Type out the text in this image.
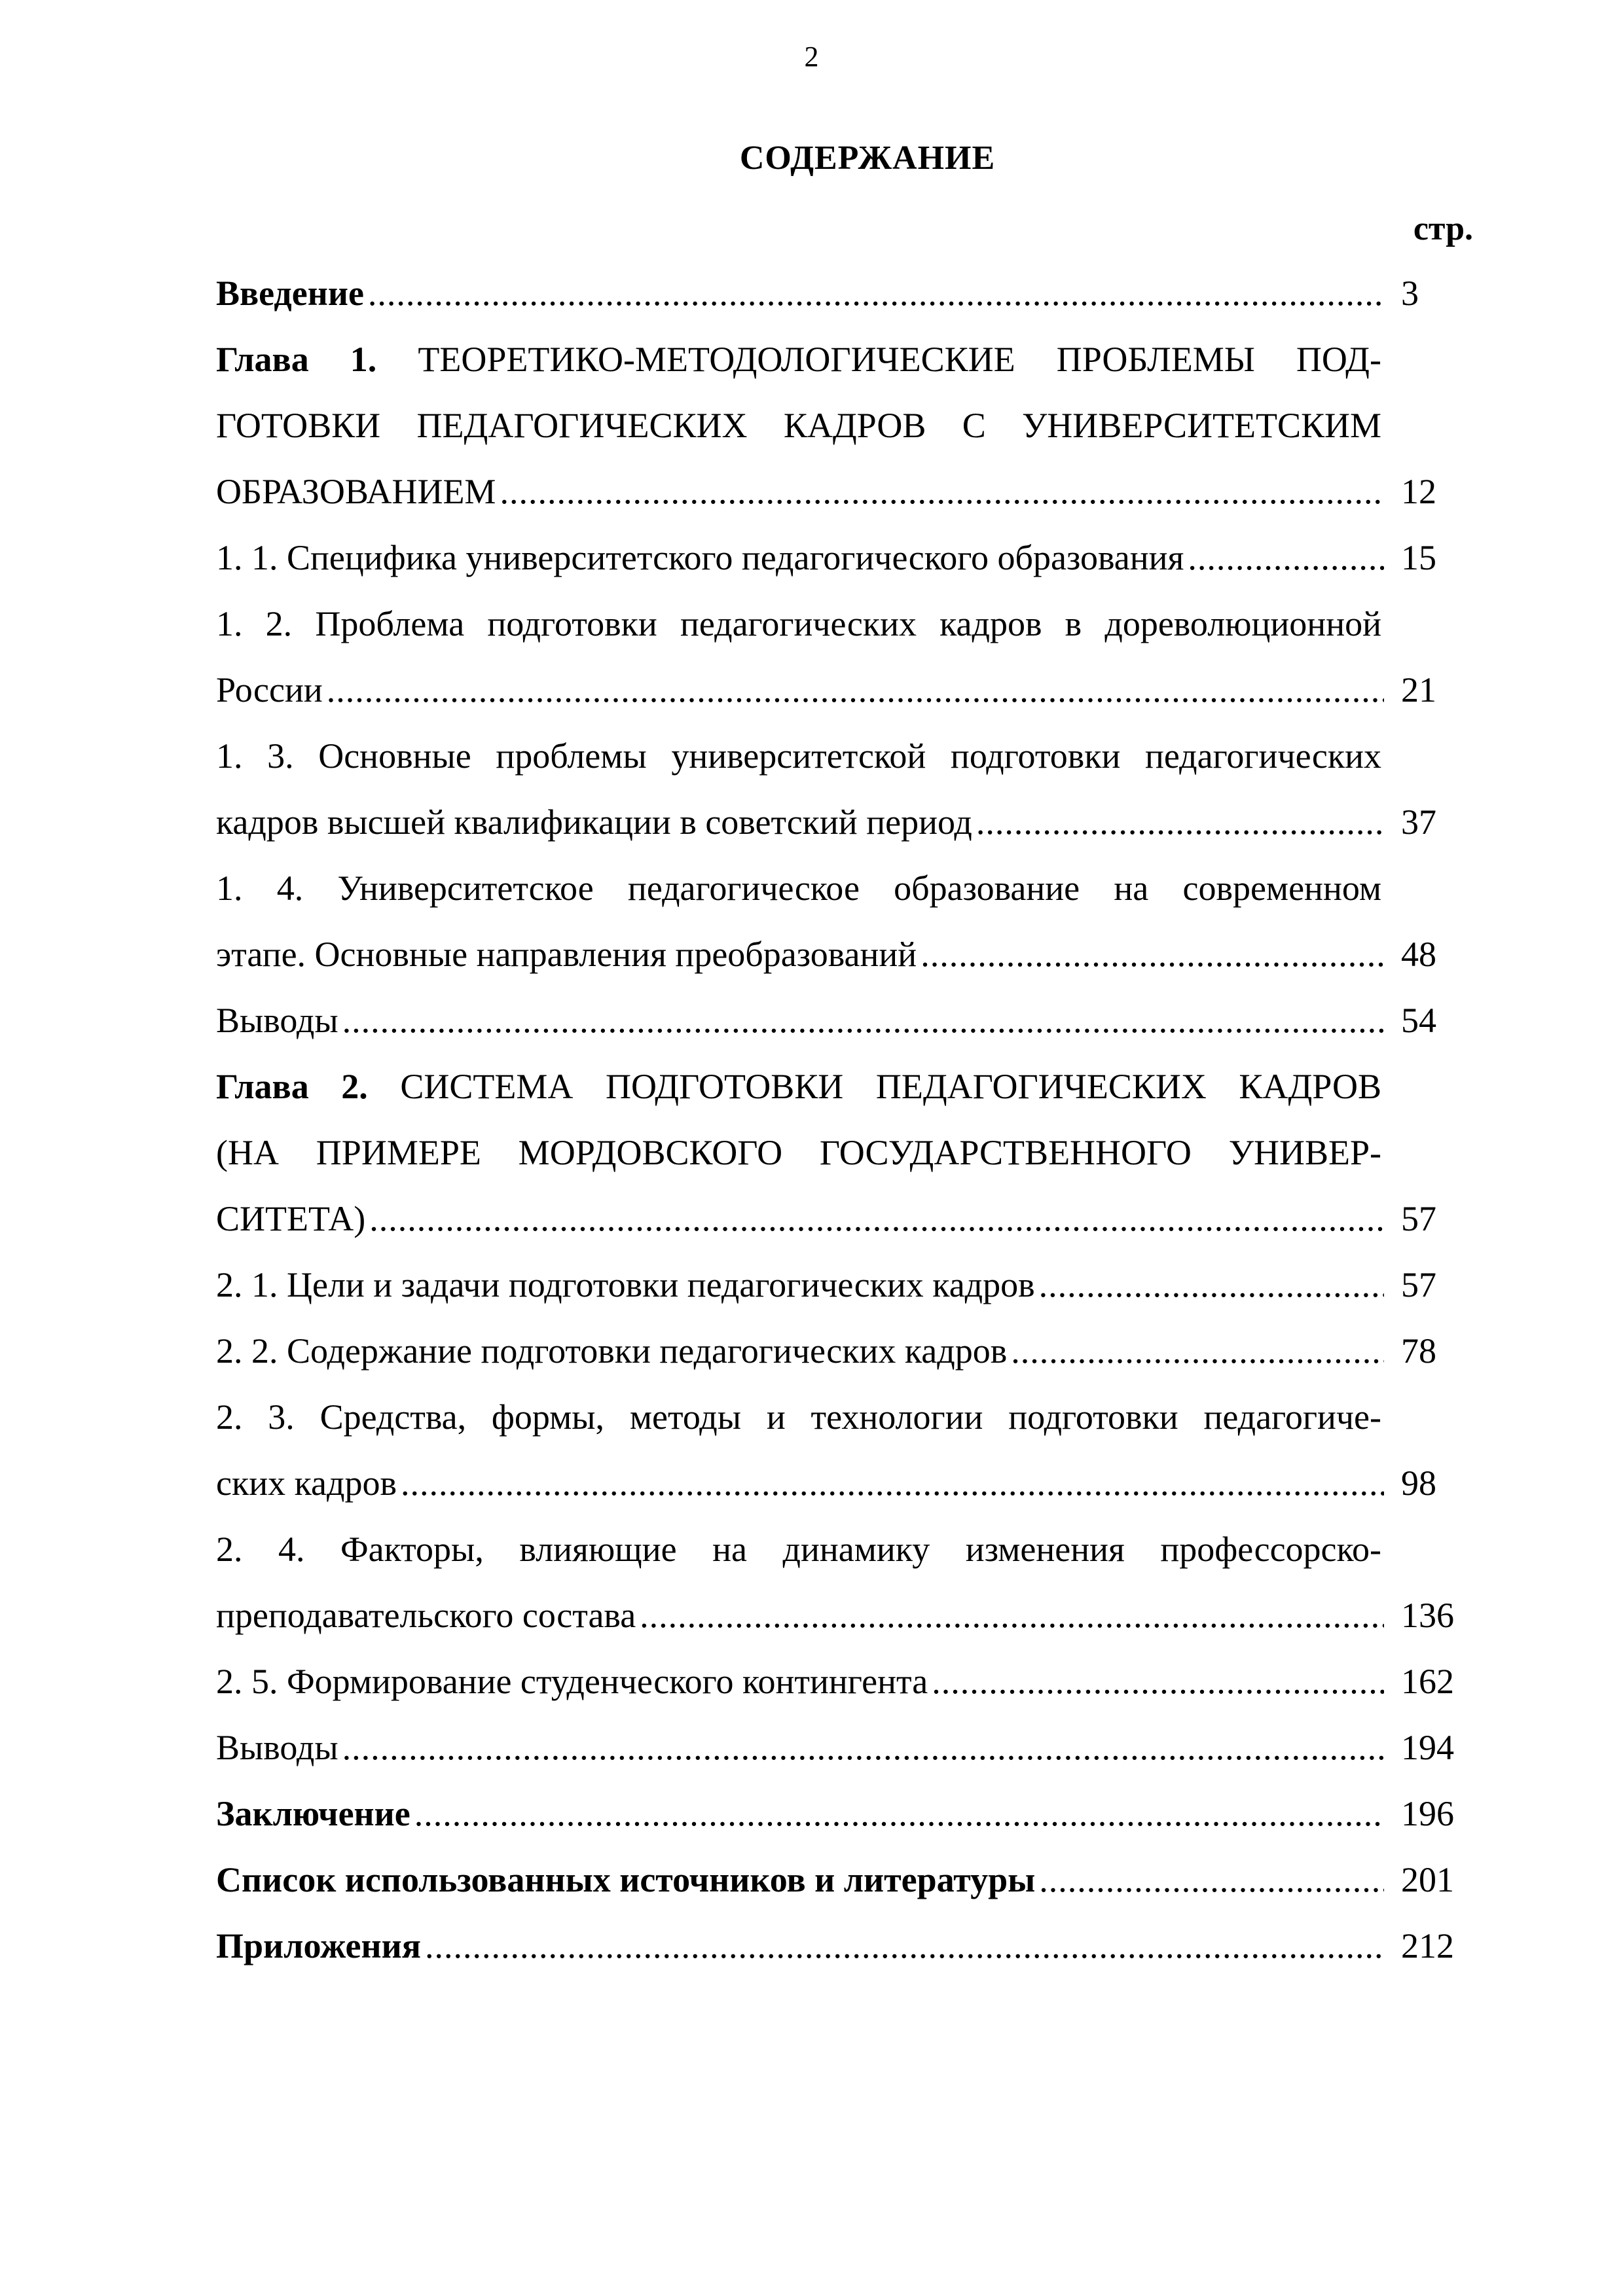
2
СОДЕРЖАНИЕ
стр.
Введение .....	3
Глава 1. ТЕОРЕТИКО-МЕТОДОЛОГИЧЕСКИЕ ПРОБЛЕМЫ ПОД-
ГОТОВКИ ПЕДАГОГИЧЕСКИХ КАДРОВ С УНИВЕРСИТЕТСКИМ
ОБРАЗОВАНИЕМ .....	12
1. 1. Специфика университетского педагогического образования .....	15
1. 2. Проблема подготовки педагогических кадров в дореволюционной
России .....	21
1. 3. Основные проблемы университетской подготовки педагогических
кадров высшей квалификации в советский период .....	37
1. 4. Университетское педагогическое образование на современном
этапе. Основные направления преобразований .....	48
Выводы .....	54
Глава 2. СИСТЕМА ПОДГОТОВКИ ПЕДАГОГИЧЕСКИХ КАДРОВ
(НА ПРИМЕРЕ МОРДОВСКОГО ГОСУДАРСТВЕННОГО УНИВЕР-
СИТЕТА) .....	57
2. 1. Цели и задачи подготовки педагогических кадров .....	57
2. 2. Содержание подготовки педагогических кадров .....	78
2. 3. Средства, формы, методы и технологии подготовки педагогиче-
ских кадров .....	98
2. 4. Факторы, влияющие на динамику изменения профессорско-
преподавательского состава .....	136
2. 5. Формирование студенческого контингента .....	162
Выводы .....	194
Заключение .....	196
Список использованных источников и литературы .....	201
Приложения .....	212
